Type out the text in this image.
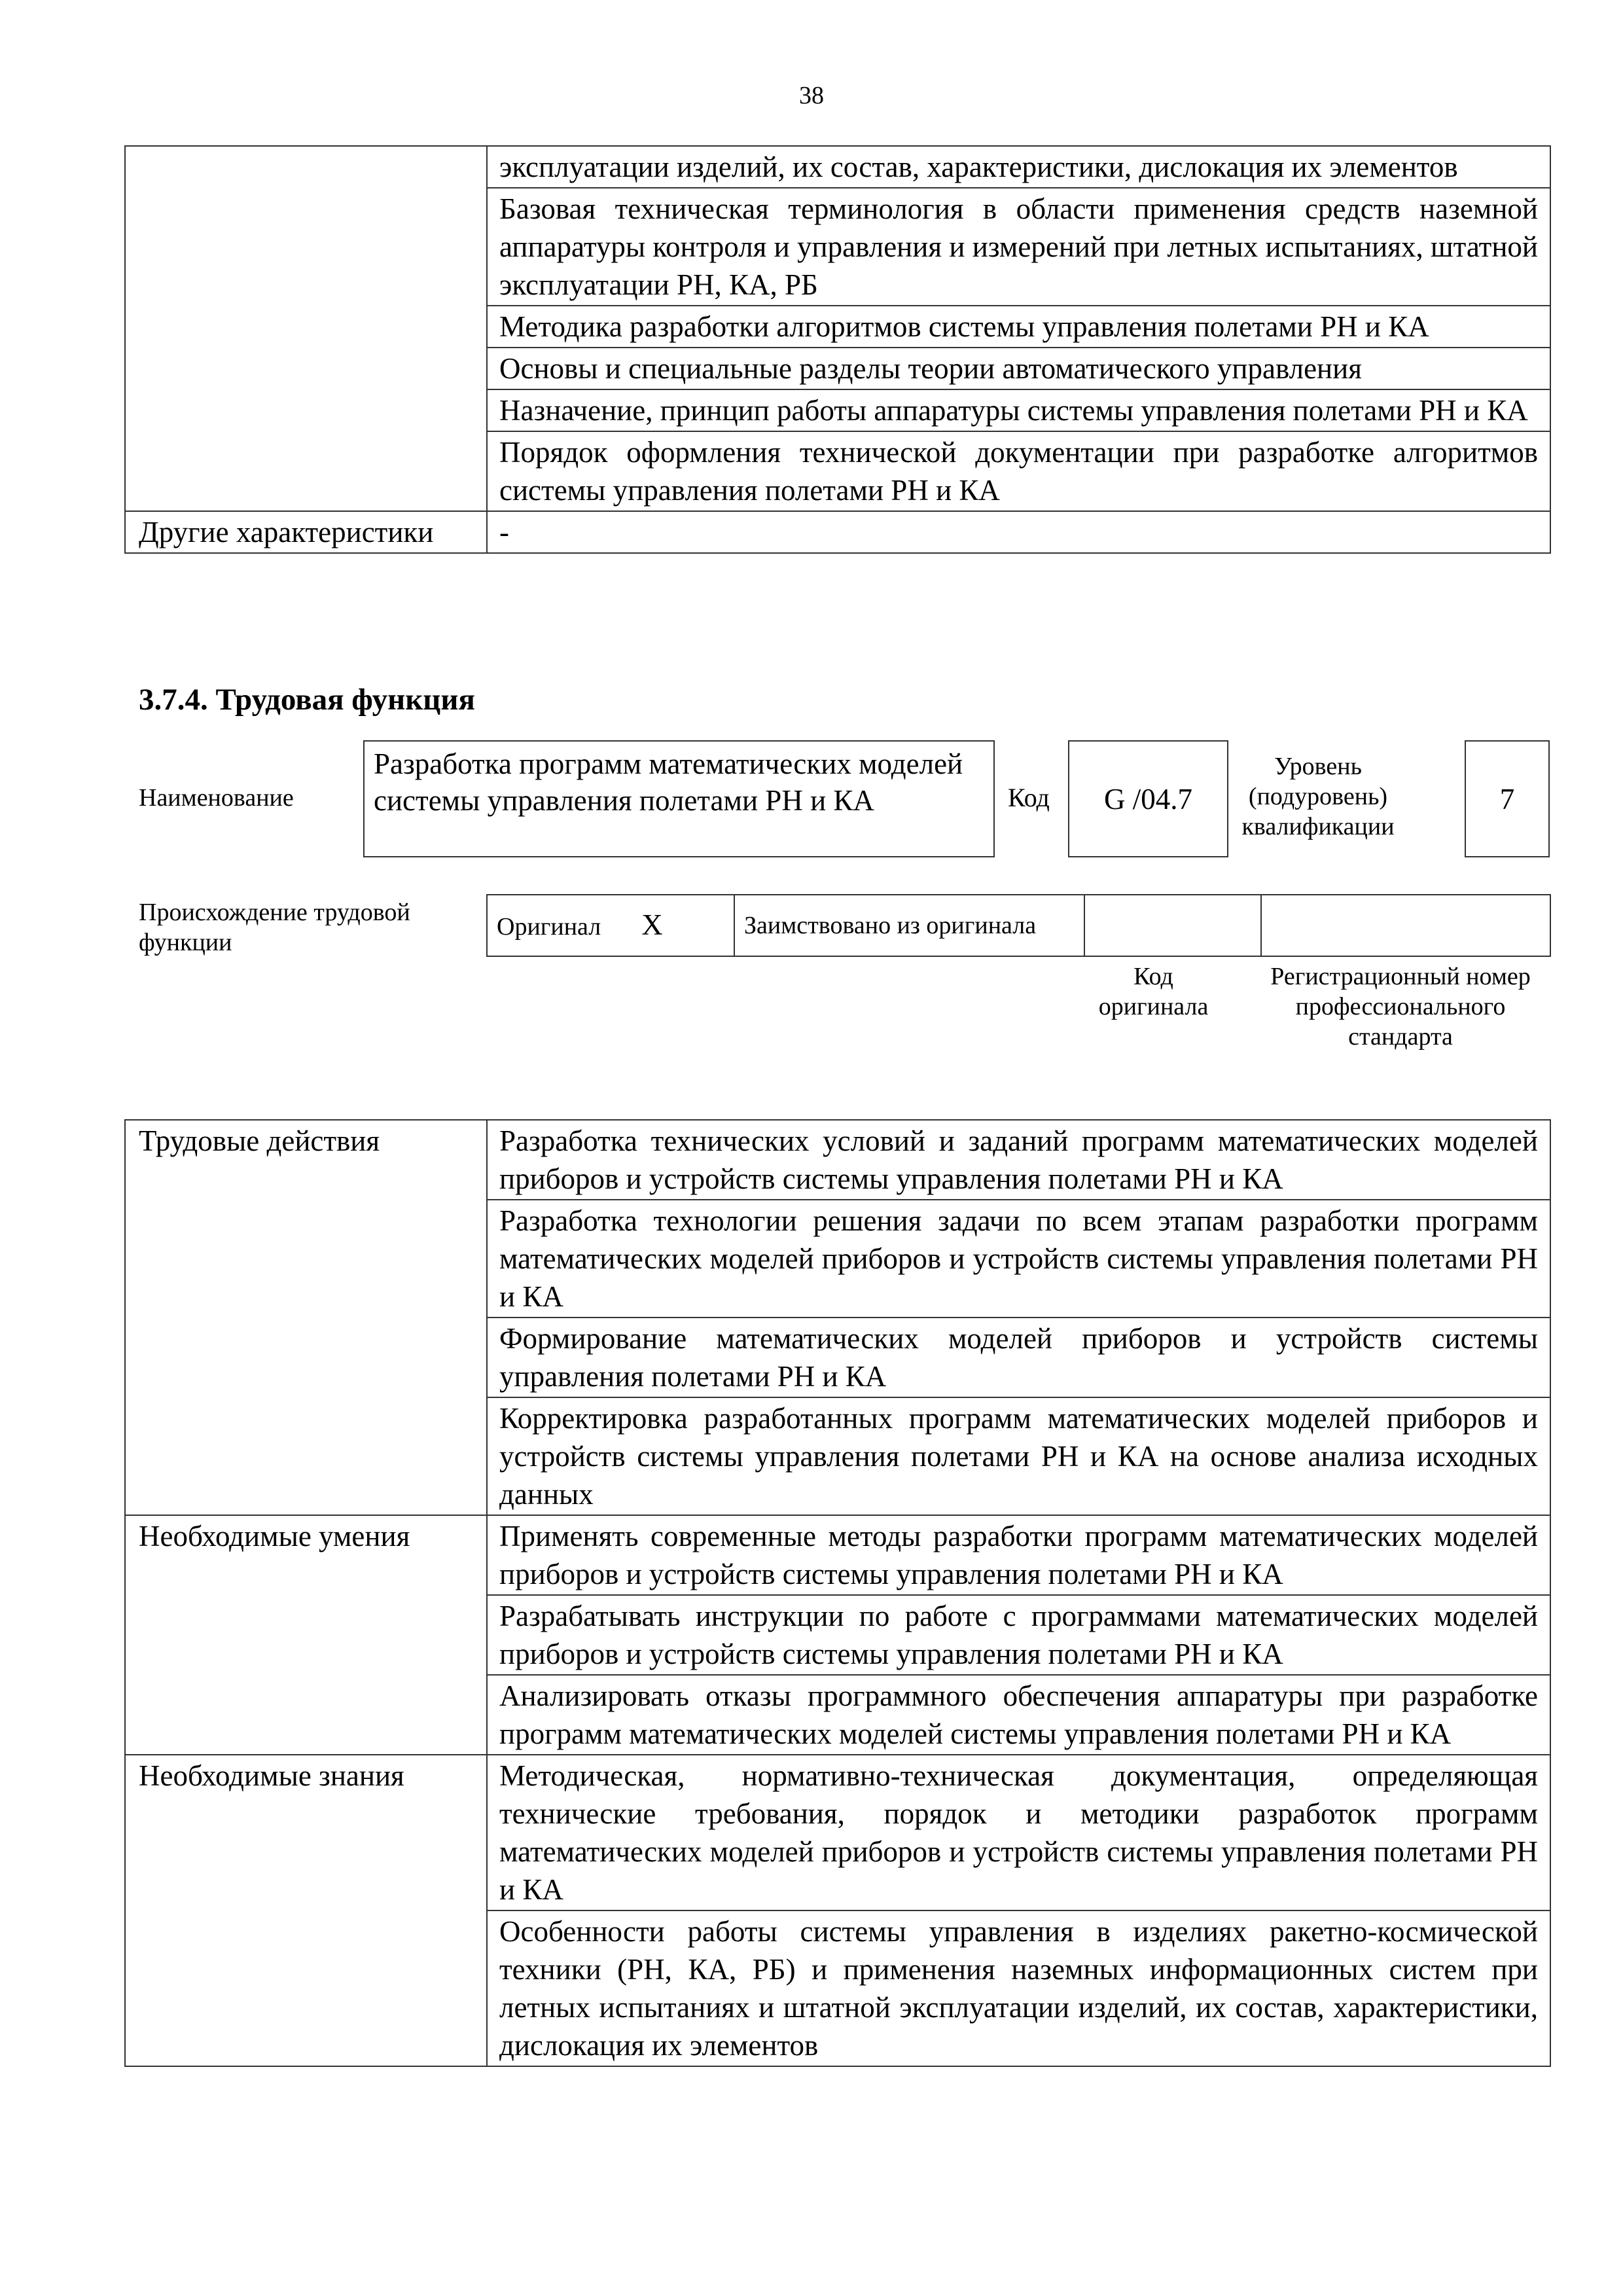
38
	эксплуатации изделий, их состав, характеристики, дислокация их элементов
	Базовая техническая терминология в области применения средств наземной аппаратуры контроля и управления и измерений при летных испытаниях, штатной эксплуатации РН, КА, РБ
	Методика разработки алгоритмов системы управления полетами РН и КА
	Основы и специальные разделы теории автоматического управления
	Назначение, принцип работы аппаратуры системы управления полетами РН и КА
	Порядок оформления технической документации при разработке алгоритмов системы управления полетами РН и КА
Другие характеристики	-
3.7.4. Трудовая функция
Наименование
Разработка программ математических моделей системы управления полетами РН и КА	Код	G /04.7
Уровень (подуровень) квалификации
7
Происхождение трудовой функции
Оригинал X	Заимствовано из оригинала		
Код оригинала
Регистрационный номер профессионального стандарта
Трудовые действия	Разработка технических условий и заданий программ математических моделей приборов и устройств системы управления полетами РН и КА
	Разработка технологии решения задачи по всем этапам разработки программ математических моделей приборов и устройств системы управления полетами РН и КА
	Формирование математических моделей приборов и устройств системы управления полетами РН и КА
	Корректировка разработанных программ математических моделей приборов и устройств системы управления полетами РН и КА на основе анализа исходных данных
Необходимые умения	Применять современные методы разработки программ математических моделей приборов и устройств системы управления полетами РН и КА
	Разрабатывать инструкции по работе с программами математических моделей приборов и устройств системы управления полетами РН и КА
	Анализировать отказы программного обеспечения аппаратуры при разработке программ математических моделей системы управления полетами РН и КА
Необходимые знания	Методическая, нормативно-техническая документация, определяющая технические требования, порядок и методики разработок программ математических моделей приборов и устройств системы управления полетами РН и КА
	Особенности работы системы управления в изделиях ракетно-космической техники (РН, КА, РБ) и применения наземных информационных систем при летных испытаниях и штатной эксплуатации изделий, их состав, характеристики, дислокация их элементов
